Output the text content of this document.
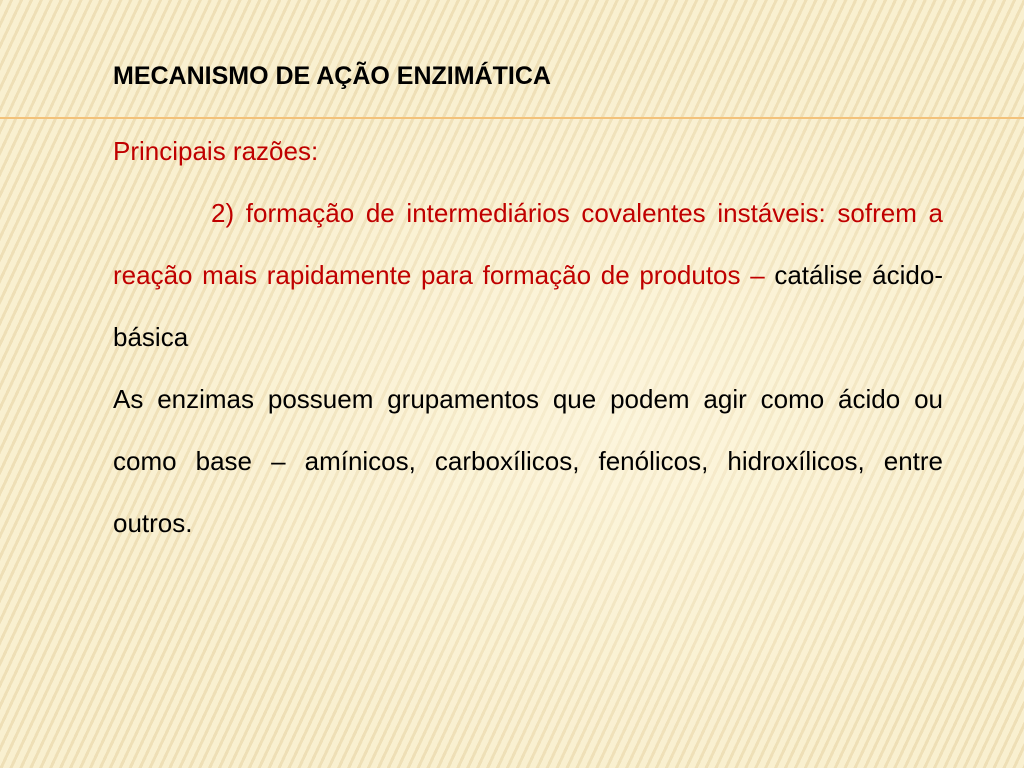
MECANISMO DE AÇÃO ENZIMÁTICA

Principais razões:

2) formação de intermediários covalentes instáveis: sofrem a reação mais rapidamente para formação de produtos – catálise ácido-básica

As enzimas possuem grupamentos que podem agir como ácido ou como base – amínicos, carboxílicos, fenólicos, hidroxílicos, entre outros.
